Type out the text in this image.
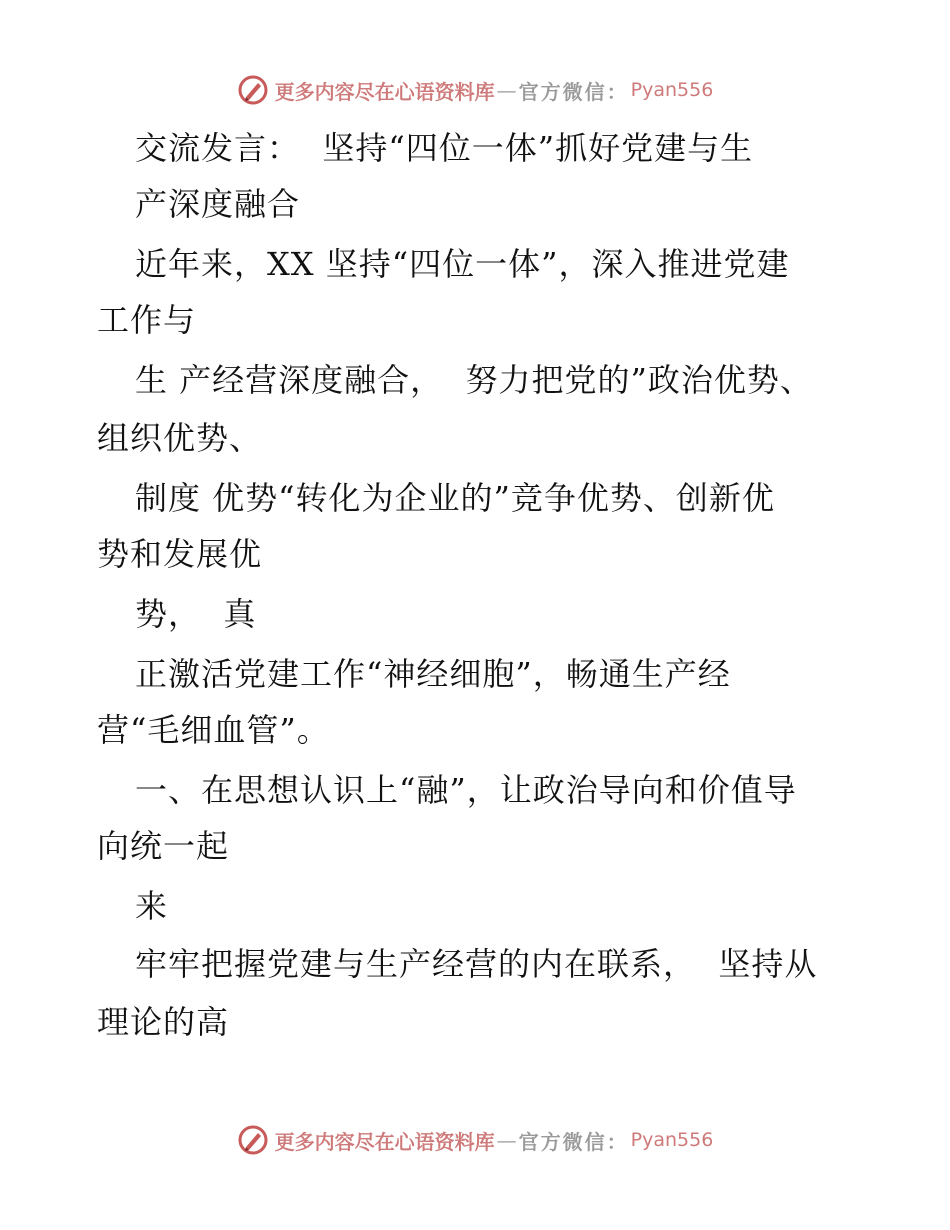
更多内容尽在心语资料库 — 官方微信： Pyan556
交流发言：  坚持“四位一体”抓好党建与生
产深度融合
近年来，XX 坚持“四位一体”，深入推进党建
工作与
生 产经营深度融合，  努力把党的”政治优势、
组织优势、
制度 优势“转化为企业的”竞争优势、创新优
势和发展优
势，  真
正激活党建工作“神经细胞”，畅通生产经
营“毛细血管”。
一、在思想认识上“融”，让政治导向和价值导
向统一起
来
牢牢把握党建与生产经营的内在联系，  坚持从
理论的高
更多内容尽在心语资料库 — 官方微信： Pyan556
